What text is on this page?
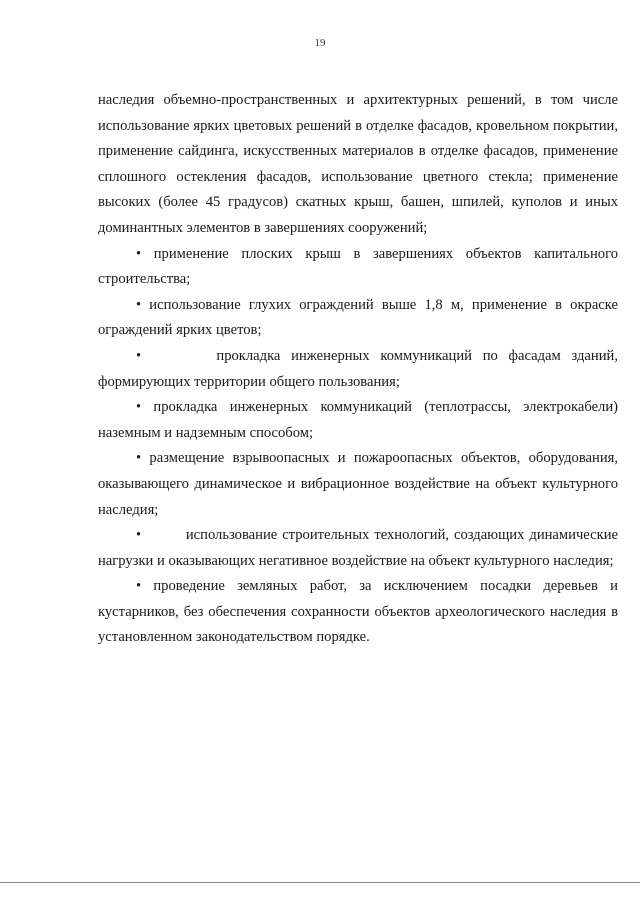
19

наследия объемно-пространственных и архитектурных решений, в том числе использование ярких цветовых решений в отделке фасадов, кровельном покрытии, применение сайдинга, искусственных материалов в отделке фасадов, применение сплошного остекления фасадов, использование цветного стекла; применение высоких (более 45 градусов) скатных крыш, башен, шпилей, куполов и иных доминантных элементов в завершениях сооружений;

• применение плоских крыш в завершениях объектов капитального строительства;

• использование глухих ограждений выше 1,8 м, применение в окраске ограждений ярких цветов;

•       прокладка инженерных коммуникаций по фасадам зданий, формирующих территории общего пользования;

• прокладка инженерных коммуникаций (теплотрассы, электрокабели) наземным и надземным способом;

• размещение взрывоопасных и пожароопасных объектов, оборудования, оказывающего динамическое и вибрационное воздействие на объект культурного наследия;

•         использование строительных технологий, создающих динамические нагрузки и оказывающих негативное воздействие на объект культурного наследия;

• проведение земляных работ, за исключением посадки деревьев и кустарников, без обеспечения сохранности объектов археологического наследия в установленном законодательством порядке.
